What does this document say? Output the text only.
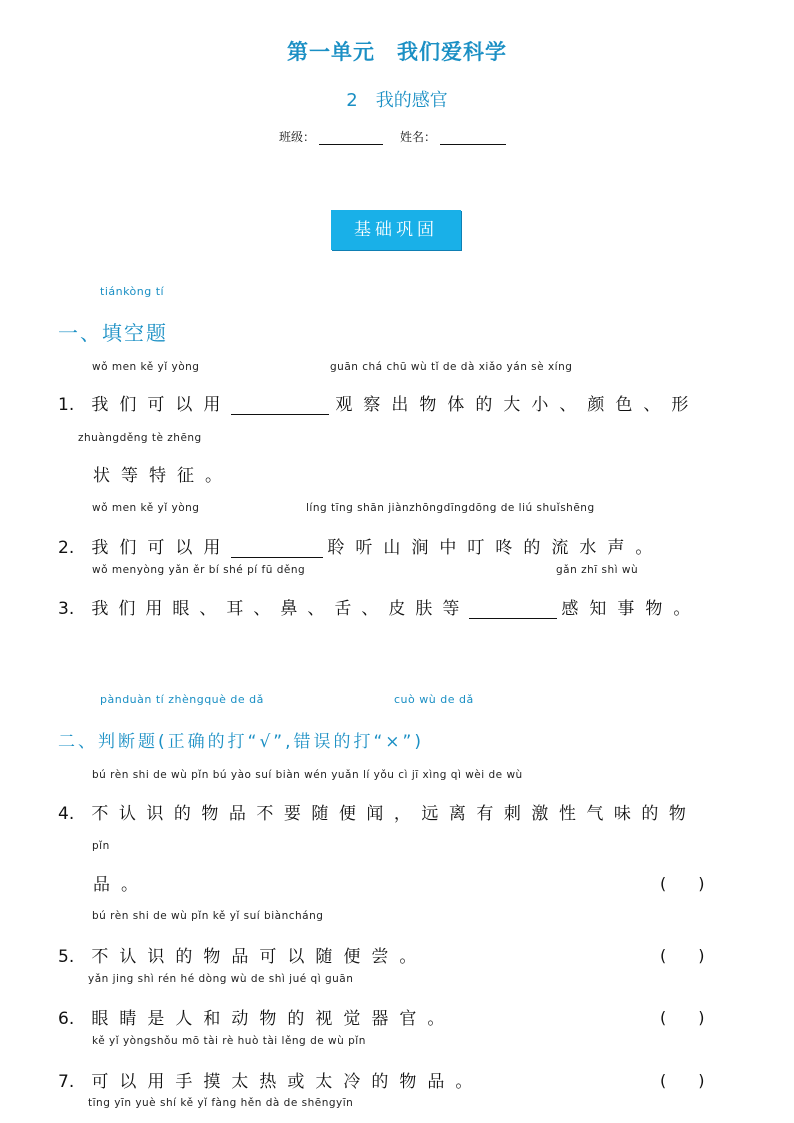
第一单元　我们爱科学
2　我的感官
班级：	姓名：
基础巩固
tiánkòng tí
一、填空题
wǒ men kě yǐ yòng	guān chá chū wù tǐ de dà xiǎo yán sè xíng
1. 我们可以用	观察出物体的大小、颜色、形
zhuàngděng tè zhēng
状等特征。
wǒ men kě yǐ yòng	líng tīng shān jiànzhōngdīngdōng de liú shuǐshēng
2. 我们可以用	聆听山涧中叮咚的流水声。
wǒ menyòng yǎn ěr bí shé pí fū děng	gǎn zhī shì wù
3. 我们用眼、耳、鼻、舌、皮肤等	感知事物。
pànduàn tí zhèngquè de dǎ	cuò wù de dǎ
二、判断题(正确的打“√”,错误的打“×”)
bú rèn shi de wù pǐn bú yào suí biàn wén yuǎn lí yǒu cì jī xìng qì wèi de wù
4. 不认识的物品不要随便闻，远离有刺激性气味的物
pǐn
品。	(　　)
bú rèn shi de wù pǐn kě yǐ suí biàncháng
5. 不认识的物品可以随便尝。	(　　)
yǎn jing shì rén hé dòng wù de shì jué qì guān
6. 眼睛是人和动物的视觉器官。	(　　)
kě yǐ yòngshǒu mō tài rè huò tài lěng de wù pǐn
7. 可以用手摸太热或太冷的物品。	(　　)
tīng yīn yuè shí kě yǐ fàng hěn dà de shēngyīn
